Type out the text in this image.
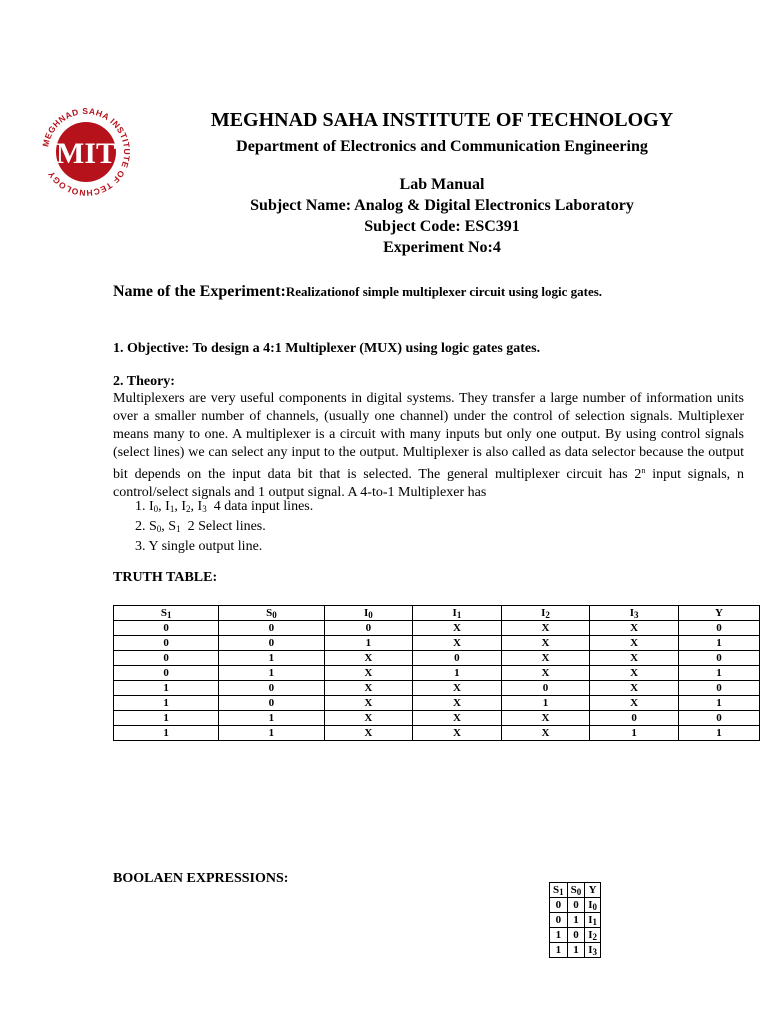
MEGHNAD SAHA INSTITUTE OF TECHNOLOGY
MIT
MEGHNAD SAHA INSTITUTE OF TECHNOLOGY
Department of Electronics and Communication Engineering
Lab Manual
Subject Name: Analog & Digital Electronics Laboratory
Subject Code: ESC391
Experiment No:4
Name of the Experiment:Realizationof simple multiplexer circuit using logic gates.
1. Objective: To design a 4:1 Multiplexer (MUX) using logic gates gates.
2. Theory:
Multiplexers are very useful components in digital systems. They transfer a large number of information units over a smaller number of channels, (usually one channel) under the control of selection signals. Multiplexer means many to one. A multiplexer is a circuit with many inputs but only one output. By using control signals (select lines) we can select any input to the output. Multiplexer is also called as data selector because the output bit depends on the input data bit that is selected. The general multiplexer circuit has 2$^n$ input signals, n control/select signals and 1 output signal. A 4-to-1 Multiplexer has
1. $I_0$, $I_1$, $I_2$, $I_3$  4 data input lines.
2. $S_0$, $S_1$  2 Select lines.
3. Y single output line.
TRUTH TABLE:
$S_1$	$S_0$	$I_0$	$I_1$	$I_2$	$I_3$	Y
0	0	0	X	X	X	0
0	0	1	X	X	X	1
0	1	X	0	X	X	0
0	1	X	1	X	X	1
1	0	X	X	0	X	0
1	0	X	X	1	X	1
1	1	X	X	X	0	0
1	1	X	X	X	1	1
BOOLAEN EXPRESSIONS:
$S_1$	$S_0$	Y
0	0	$I_0$
0	1	$I_1$
1	0	$I_2$
1	1	$I_3$
